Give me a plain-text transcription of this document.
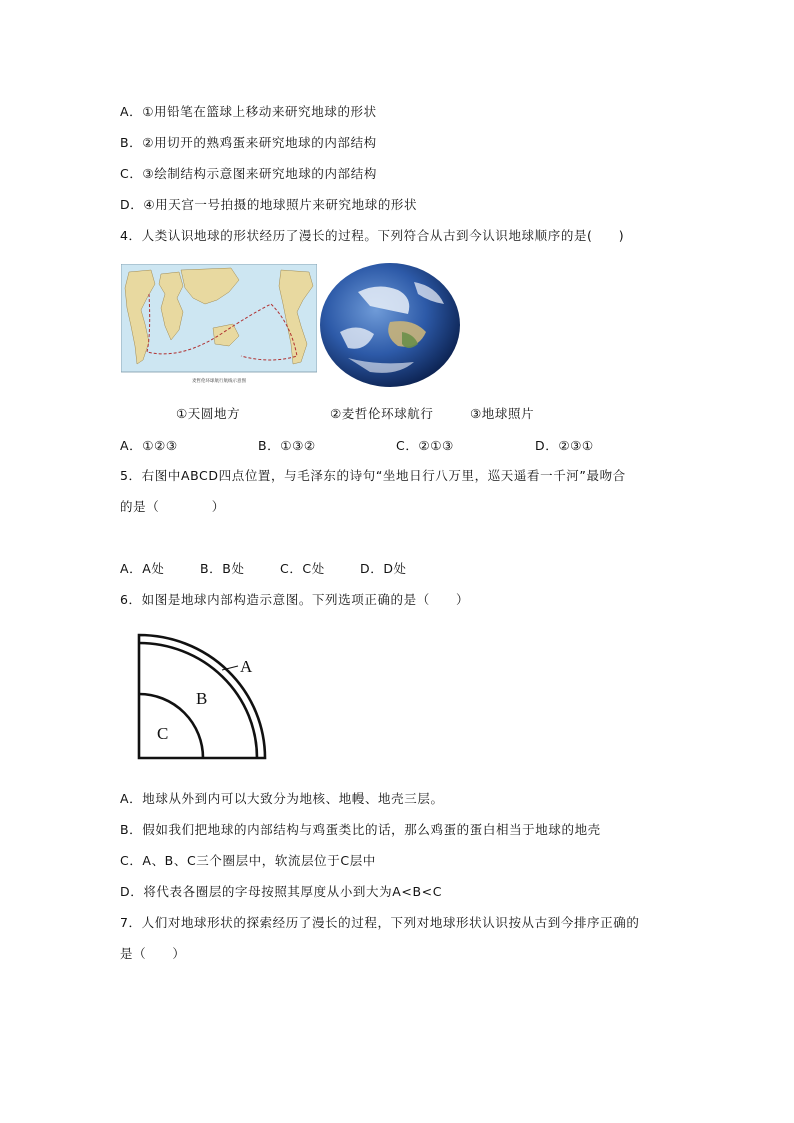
A．①用铅笔在篮球上移动来研究地球的形状
B．②用切开的熟鸡蛋来研究地球的内部结构
C．③绘制结构示意图来研究地球的内部结构
D．④用天宫一号拍摄的地球照片来研究地球的形状
4．人类认识地球的形状经历了漫长的过程。下列符合从古到今认识地球顺序的是(　　)
麦哲伦环球航行航线示意图
①天圆地方	②麦哲伦环球航行	③地球照片
A．①②③	B．①③②	C．②①③	D．②③①
5．右图中ABCD四点位置，与毛泽东的诗句“坐地日行八万里，巡天遥看一千河”最吻合
的是（　　　　）
A．A处	B．B处	C．C处	D．D处
6．如图是地球内部构造示意图。下列选项正确的是（　　）
A
B
C
A．地球从外到内可以大致分为地核、地幔、地壳三层。
B．假如我们把地球的内部结构与鸡蛋类比的话，那么鸡蛋的蛋白相当于地球的地壳
C．A、B、C三个圈层中，软流层位于C层中
D．将代表各圈层的字母按照其厚度从小到大为A<B<C
7．人们对地球形状的探索经历了漫长的过程，下列对地球形状认识按从古到今排序正确的
是（　　）
